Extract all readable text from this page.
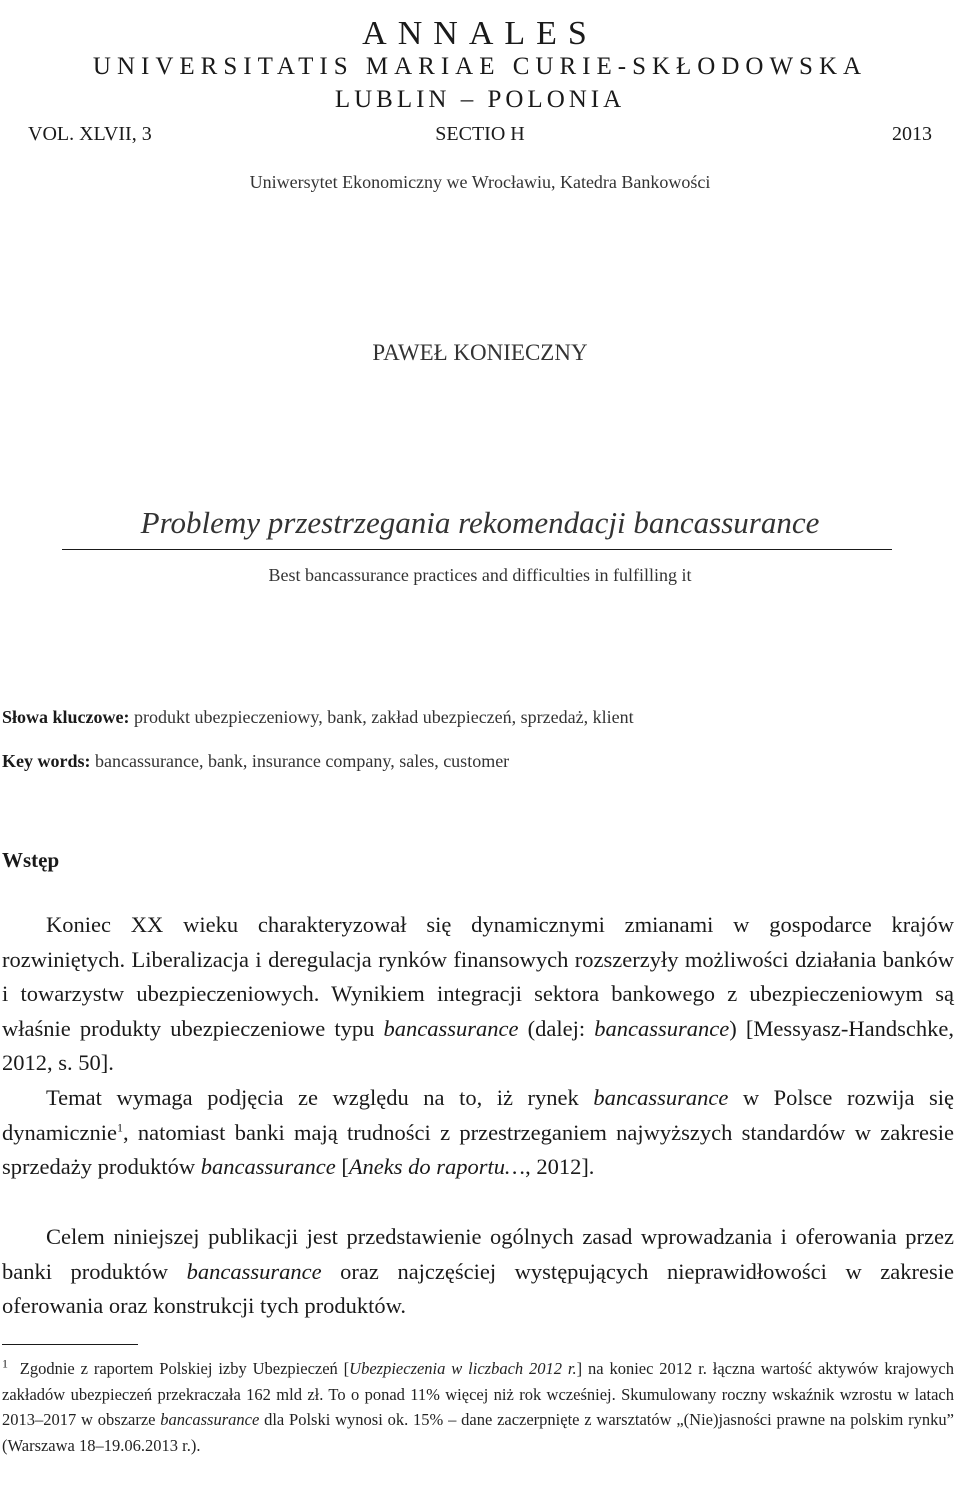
ANNALES
UNIVERSITATIS MARIAE CURIE-SKŁODOWSKA
LUBLIN – POLONIA
SECTIO H
VOL. XLVII, 3	2013
Uniwersytet Ekonomiczny we Wrocławiu, Katedra Bankowości
PAWEŁ KONIECZNY
Problemy przestrzegania rekomendacji bancassurance
Best bancassurance practices and difficulties in fulfilling it
Słowa kluczowe: produkt ubezpieczeniowy, bank, zakład ubezpieczeń, sprzedaż, klient
Key words: bancassurance, bank, insurance company, sales, customer
Wstęp

Koniec XX wieku charakteryzował się dynamicznymi zmianami w gospodarce krajów rozwiniętych. Liberalizacja i deregulacja rynków finansowych rozszerzyły możliwości działania banków i towarzystw ubezpieczeniowych. Wynikiem integracji sektora bankowego z ubezpieczeniowym są właśnie produkty ubezpieczeniowe typu bancassurance (dalej: bancassurance) [Messyasz-Handschke, 2012, s. 50].

Temat wymaga podjęcia ze względu na to, iż rynek bancassurance w Polsce rozwija się dynamicznie$^1$, natomiast banki mają trudności z przestrzeganiem najwyższych standardów w zakresie sprzedaży produktów bancassurance [Aneks do raportu…, 2012].

Celem niniejszej publikacji jest przedstawienie ogólnych zasad wprowadzania i oferowania przez banki produktów bancassurance oraz najczęściej występujących nieprawidłowości w zakresie oferowania oraz konstrukcji tych produktów.

$^1$ Zgodnie z raportem Polskiej izby Ubezpieczeń [Ubezpieczenia w liczbach 2012 r.] na koniec 2012 r. łączna wartość aktywów krajowych zakładów ubezpieczeń przekraczała 162 mld zł. To o ponad 11% więcej niż rok wcześniej. Skumulowany roczny wskaźnik wzrostu w latach 2013–2017 w obszarze bancassurance dla Polski wynosi ok. 15% – dane zaczerpnięte z warsztatów „(Nie)jasności prawne na polskim rynku” (Warszawa 18–19.06.2013 r.).
